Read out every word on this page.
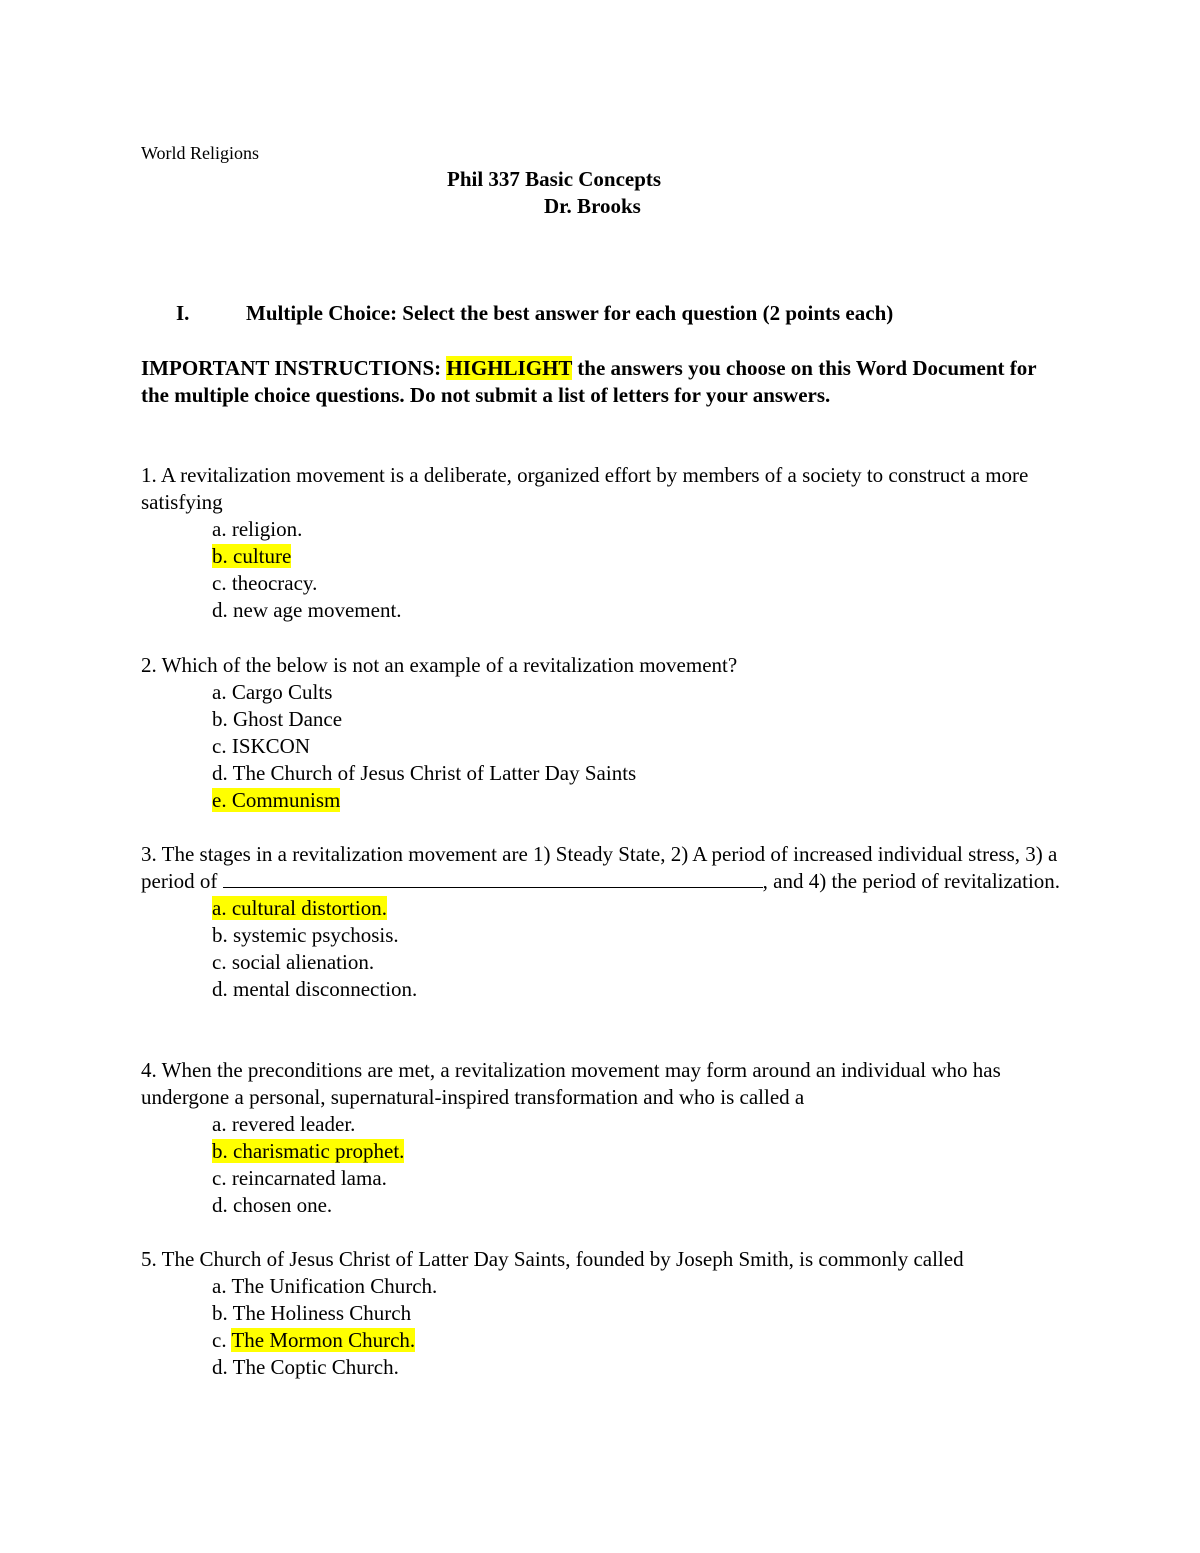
World Religions
Phil 337 Basic Concepts
Dr. Brooks
I.	Multiple Choice: Select the best answer for each question (2 points each)
IMPORTANT INSTRUCTIONS: HIGHLIGHT the answers you choose on this Word Document for the multiple choice questions. Do not submit a list of letters for your answers.

1. A revitalization movement is a deliberate, organized effort by members of a society to construct a more satisfying

a. religion.
b. culture
c. theocracy.
d. new age movement.

2. Which of the below is not an example of a revitalization movement?

a. Cargo Cults
b. Ghost Dance
c. ISKCON
d. The Church of Jesus Christ of Latter Day Saints
e. Communism

3. The stages in a revitalization movement are 1) Steady State, 2) A period of increased individual stress, 3) a period of	, and 4) the period of revitalization.

a. cultural distortion.
b. systemic psychosis.
c. social alienation.
d. mental disconnection.

4. When the preconditions are met, a revitalization movement may form around an individual who has undergone a personal, supernatural-inspired transformation and who is called a

a. revered leader.
b. charismatic prophet.
c. reincarnated lama.
d. chosen one.

5. The Church of Jesus Christ of Latter Day Saints, founded by Joseph Smith, is commonly called

a. The Unification Church.
b. The Holiness Church
c. The Mormon Church.
d. The Coptic Church.
